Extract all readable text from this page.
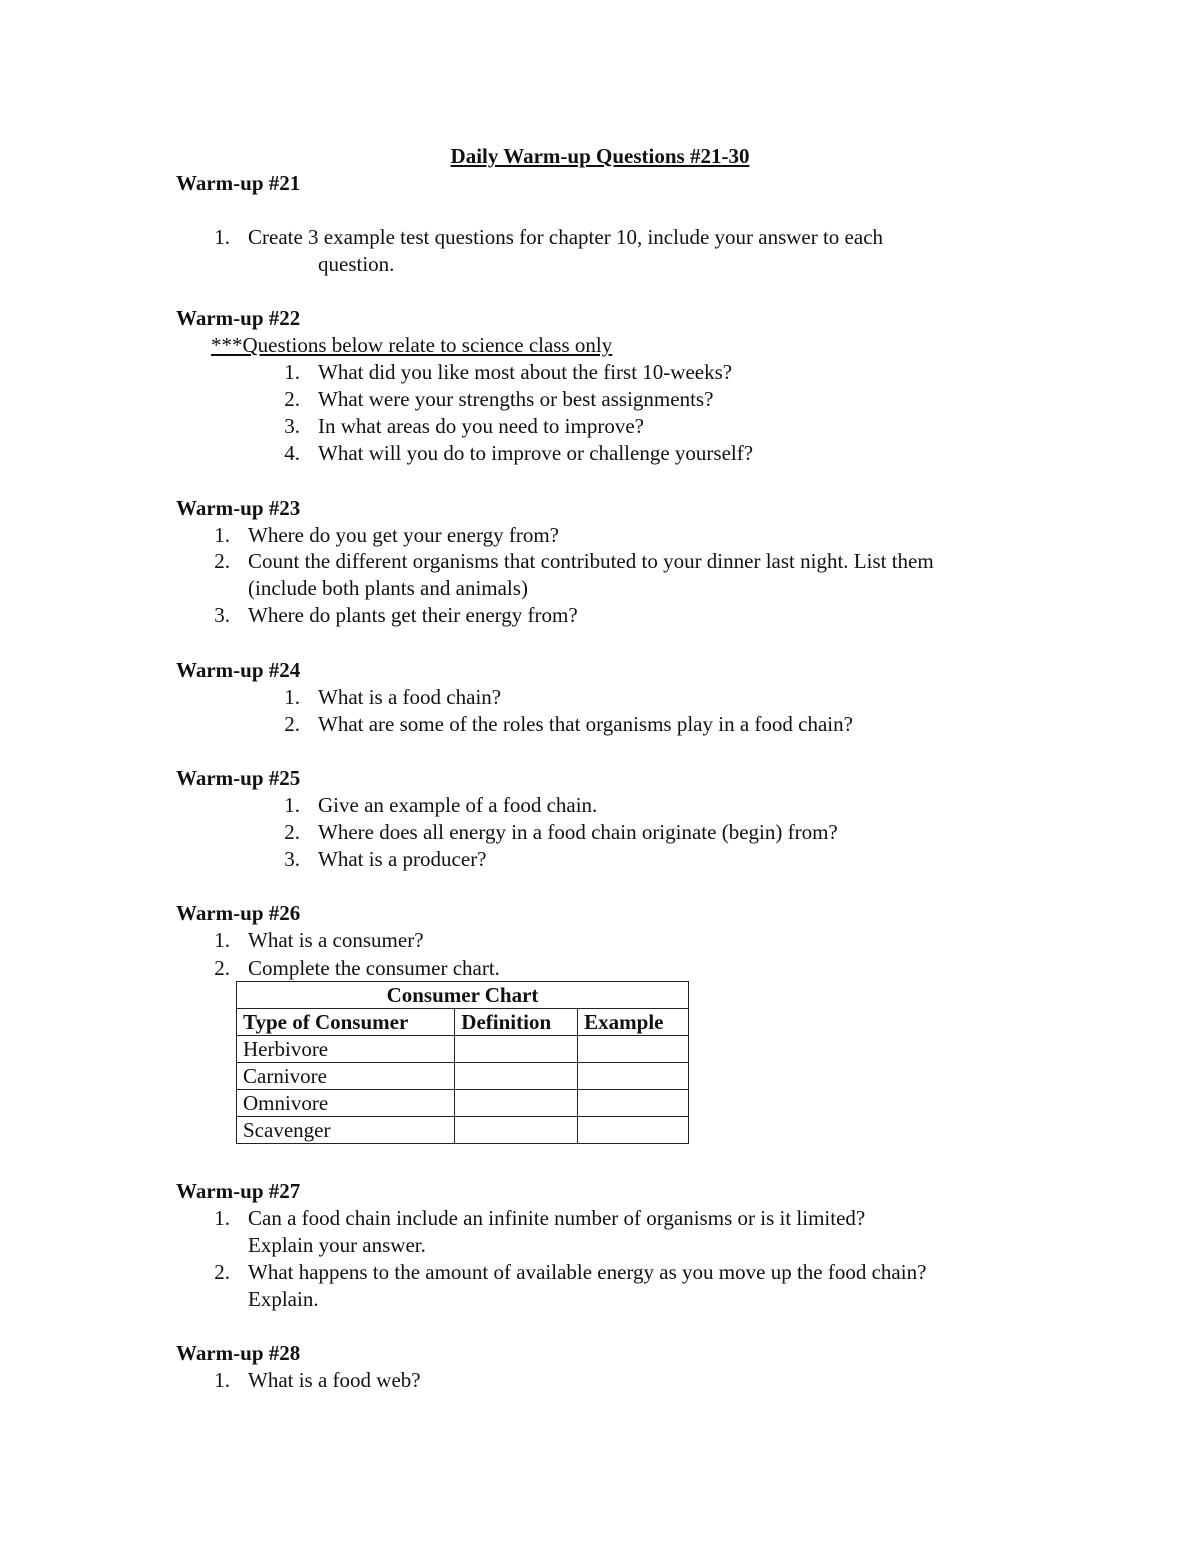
Daily Warm-up Questions #21-30
Warm-up #21
1. Create 3 example test questions for chapter 10, include your answer to each
question.
Warm-up #22
***Questions below relate to science class only
1. What did you like most about the first 10-weeks?
2. What were your strengths or best assignments?
3. In what areas do you need to improve?
4. What will you do to improve or challenge yourself?
Warm-up #23
1. Where do you get your energy from?
2. Count the different organisms that contributed to your dinner last night. List them
(include both plants and animals)
3. Where do plants get their energy from?
Warm-up #24
1. What is a food chain?
2. What are some of the roles that organisms play in a food chain?
Warm-up #25
1. Give an example of a food chain.
2. Where does all energy in a food chain originate (begin) from?
3. What is a producer?
Warm-up #26
1. What is a consumer?
2. Complete the consumer chart.
Consumer Chart		
Type of Consumer	Definition	Example
Herbivore		
Carnivore		
Omnivore		
Scavenger		
Warm-up #27
1. Can a food chain include an infinite number of organisms or is it limited?
Explain your answer.
2. What happens to the amount of available energy as you move up the food chain?
Explain.
Warm-up #28
1. What is a food web?
